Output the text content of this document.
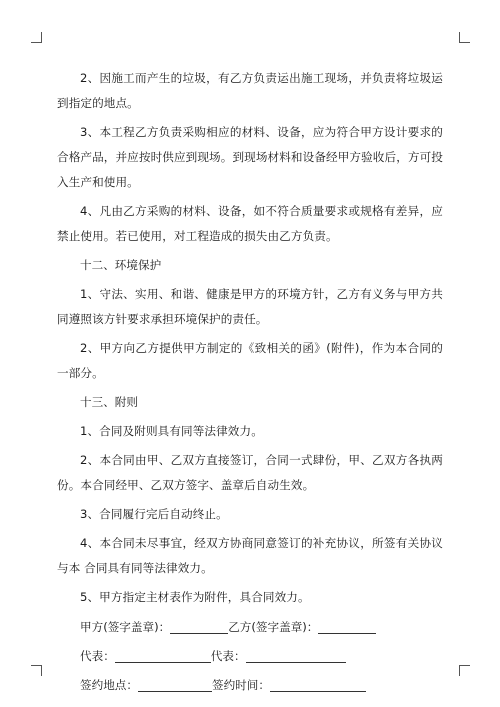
2、因施工而产生的垃圾，有乙方负责运出施工现场，并负责将垃圾运到指定的地点。

3、本工程乙方负责采购相应的材料、设备，应为符合甲方设计要求的合格产品，并应按时供应到现场。到现场材料和设备经甲方验收后，方可投入生产和使用。

4、凡由乙方采购的材料、设备，如不符合质量要求或规格有差异，应禁止使用。若已使用，对工程造成的损失由乙方负责。

十二、环境保护

1、守法、实用、和谐、健康是甲方的环境方针，乙方有义务与甲方共同遵照该方针要求承担环境保护的责任。

2、甲方向乙方提供甲方制定的《致相关的函》(附件)，作为本合同的一部分。

十三、附则

1、合同及附则具有同等法律效力。

2、本合同由甲、乙双方直接签订，合同一式肆份，甲、乙双方各执两份。本合同经甲、乙双方签字、盖章后自动生效。

3、合同履行完后自动终止。

4、本合同未尽事宜，经双方协商同意签订的补充协议，所签有关协议与本 合同具有同等法律效力。

5、甲方指定主材表作为附件，具合同效力。

甲方(签字盖章)：	乙方(签字盖章)：
代表：	代表：
签约地点：	签约时间：
